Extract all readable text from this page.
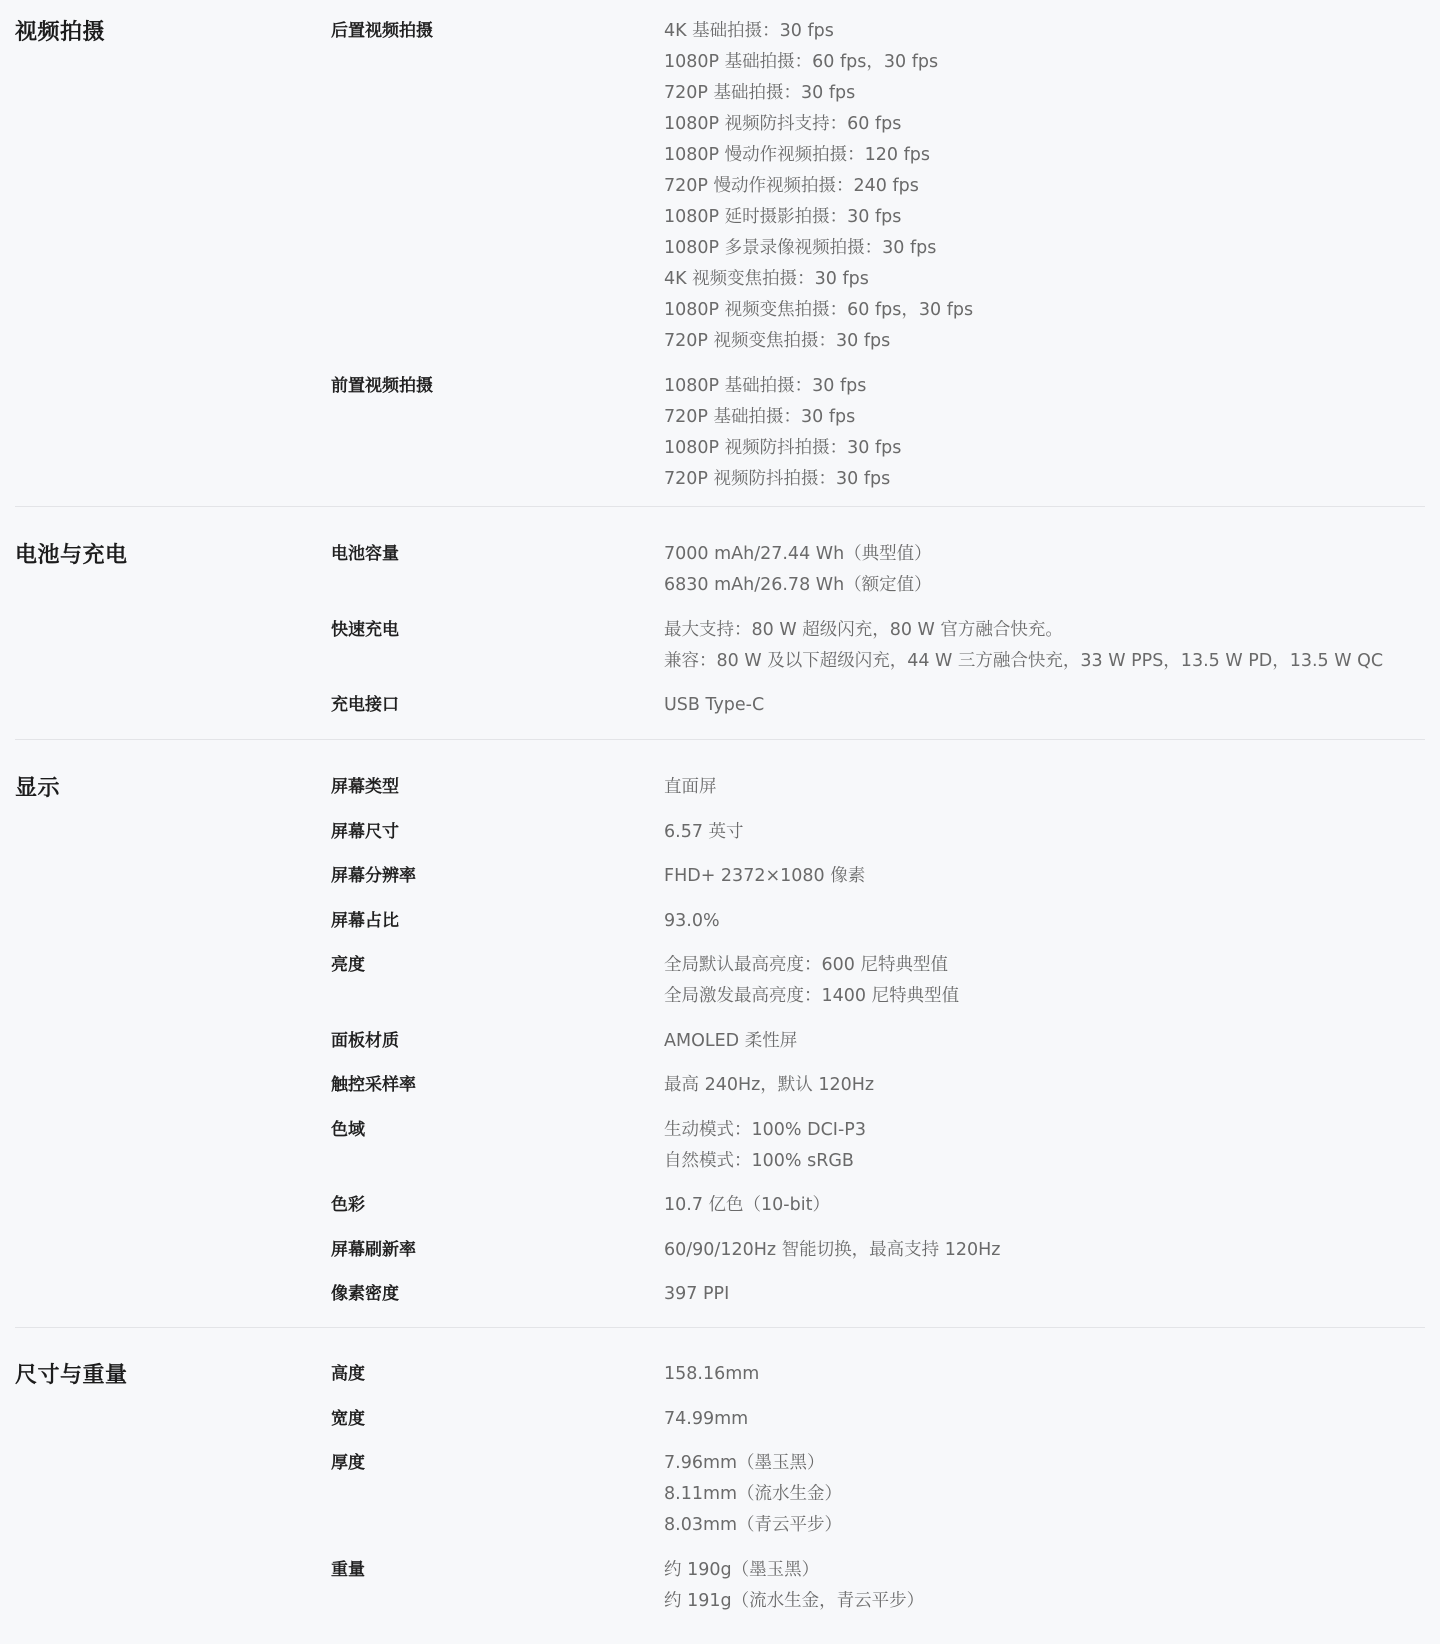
视频拍摄	后置视频拍摄	4K 基础拍摄：30 fps
1080P 基础拍摄：60 fps，30 fps
720P 基础拍摄：30 fps
1080P 视频防抖支持：60 fps
1080P 慢动作视频拍摄：120 fps
720P 慢动作视频拍摄：240 fps
1080P 延时摄影拍摄：30 fps
1080P 多景录像视频拍摄：30 fps
4K 视频变焦拍摄：30 fps
1080P 视频变焦拍摄：60 fps，30 fps
720P 视频变焦拍摄：30 fps
前置视频拍摄	1080P 基础拍摄：30 fps
720P 基础拍摄：30 fps
1080P 视频防抖拍摄：30 fps
720P 视频防抖拍摄：30 fps
电池与充电	电池容量	7000 mAh/27.44 Wh（典型值）
6830 mAh/26.78 Wh（额定值）
快速充电	最大支持：80 W 超级闪充，80 W 官方融合快充。
兼容：80 W 及以下超级闪充，44 W 三方融合快充，33 W PPS，13.5 W PD，13.5 W QC
充电接口	USB Type-C
显示	屏幕类型	直面屏
屏幕尺寸	6.57 英寸
屏幕分辨率	FHD+ 2372×1080 像素
屏幕占比	93.0%
亮度	全局默认最高亮度：600 尼特典型值
全局激发最高亮度：1400 尼特典型值
面板材质	AMOLED 柔性屏
触控采样率	最高 240Hz，默认 120Hz
色域	生动模式：100% DCI-P3
自然模式：100% sRGB
色彩	10.7 亿色（10-bit）
屏幕刷新率	60/90/120Hz 智能切换，最高支持 120Hz
像素密度	397 PPI
尺寸与重量	高度	158.16mm
宽度	74.99mm
厚度	7.96mm（墨玉黑）
8.11mm（流水生金）
8.03mm（青云平步）
重量	约 190g（墨玉黑）
约 191g（流水生金，青云平步）
